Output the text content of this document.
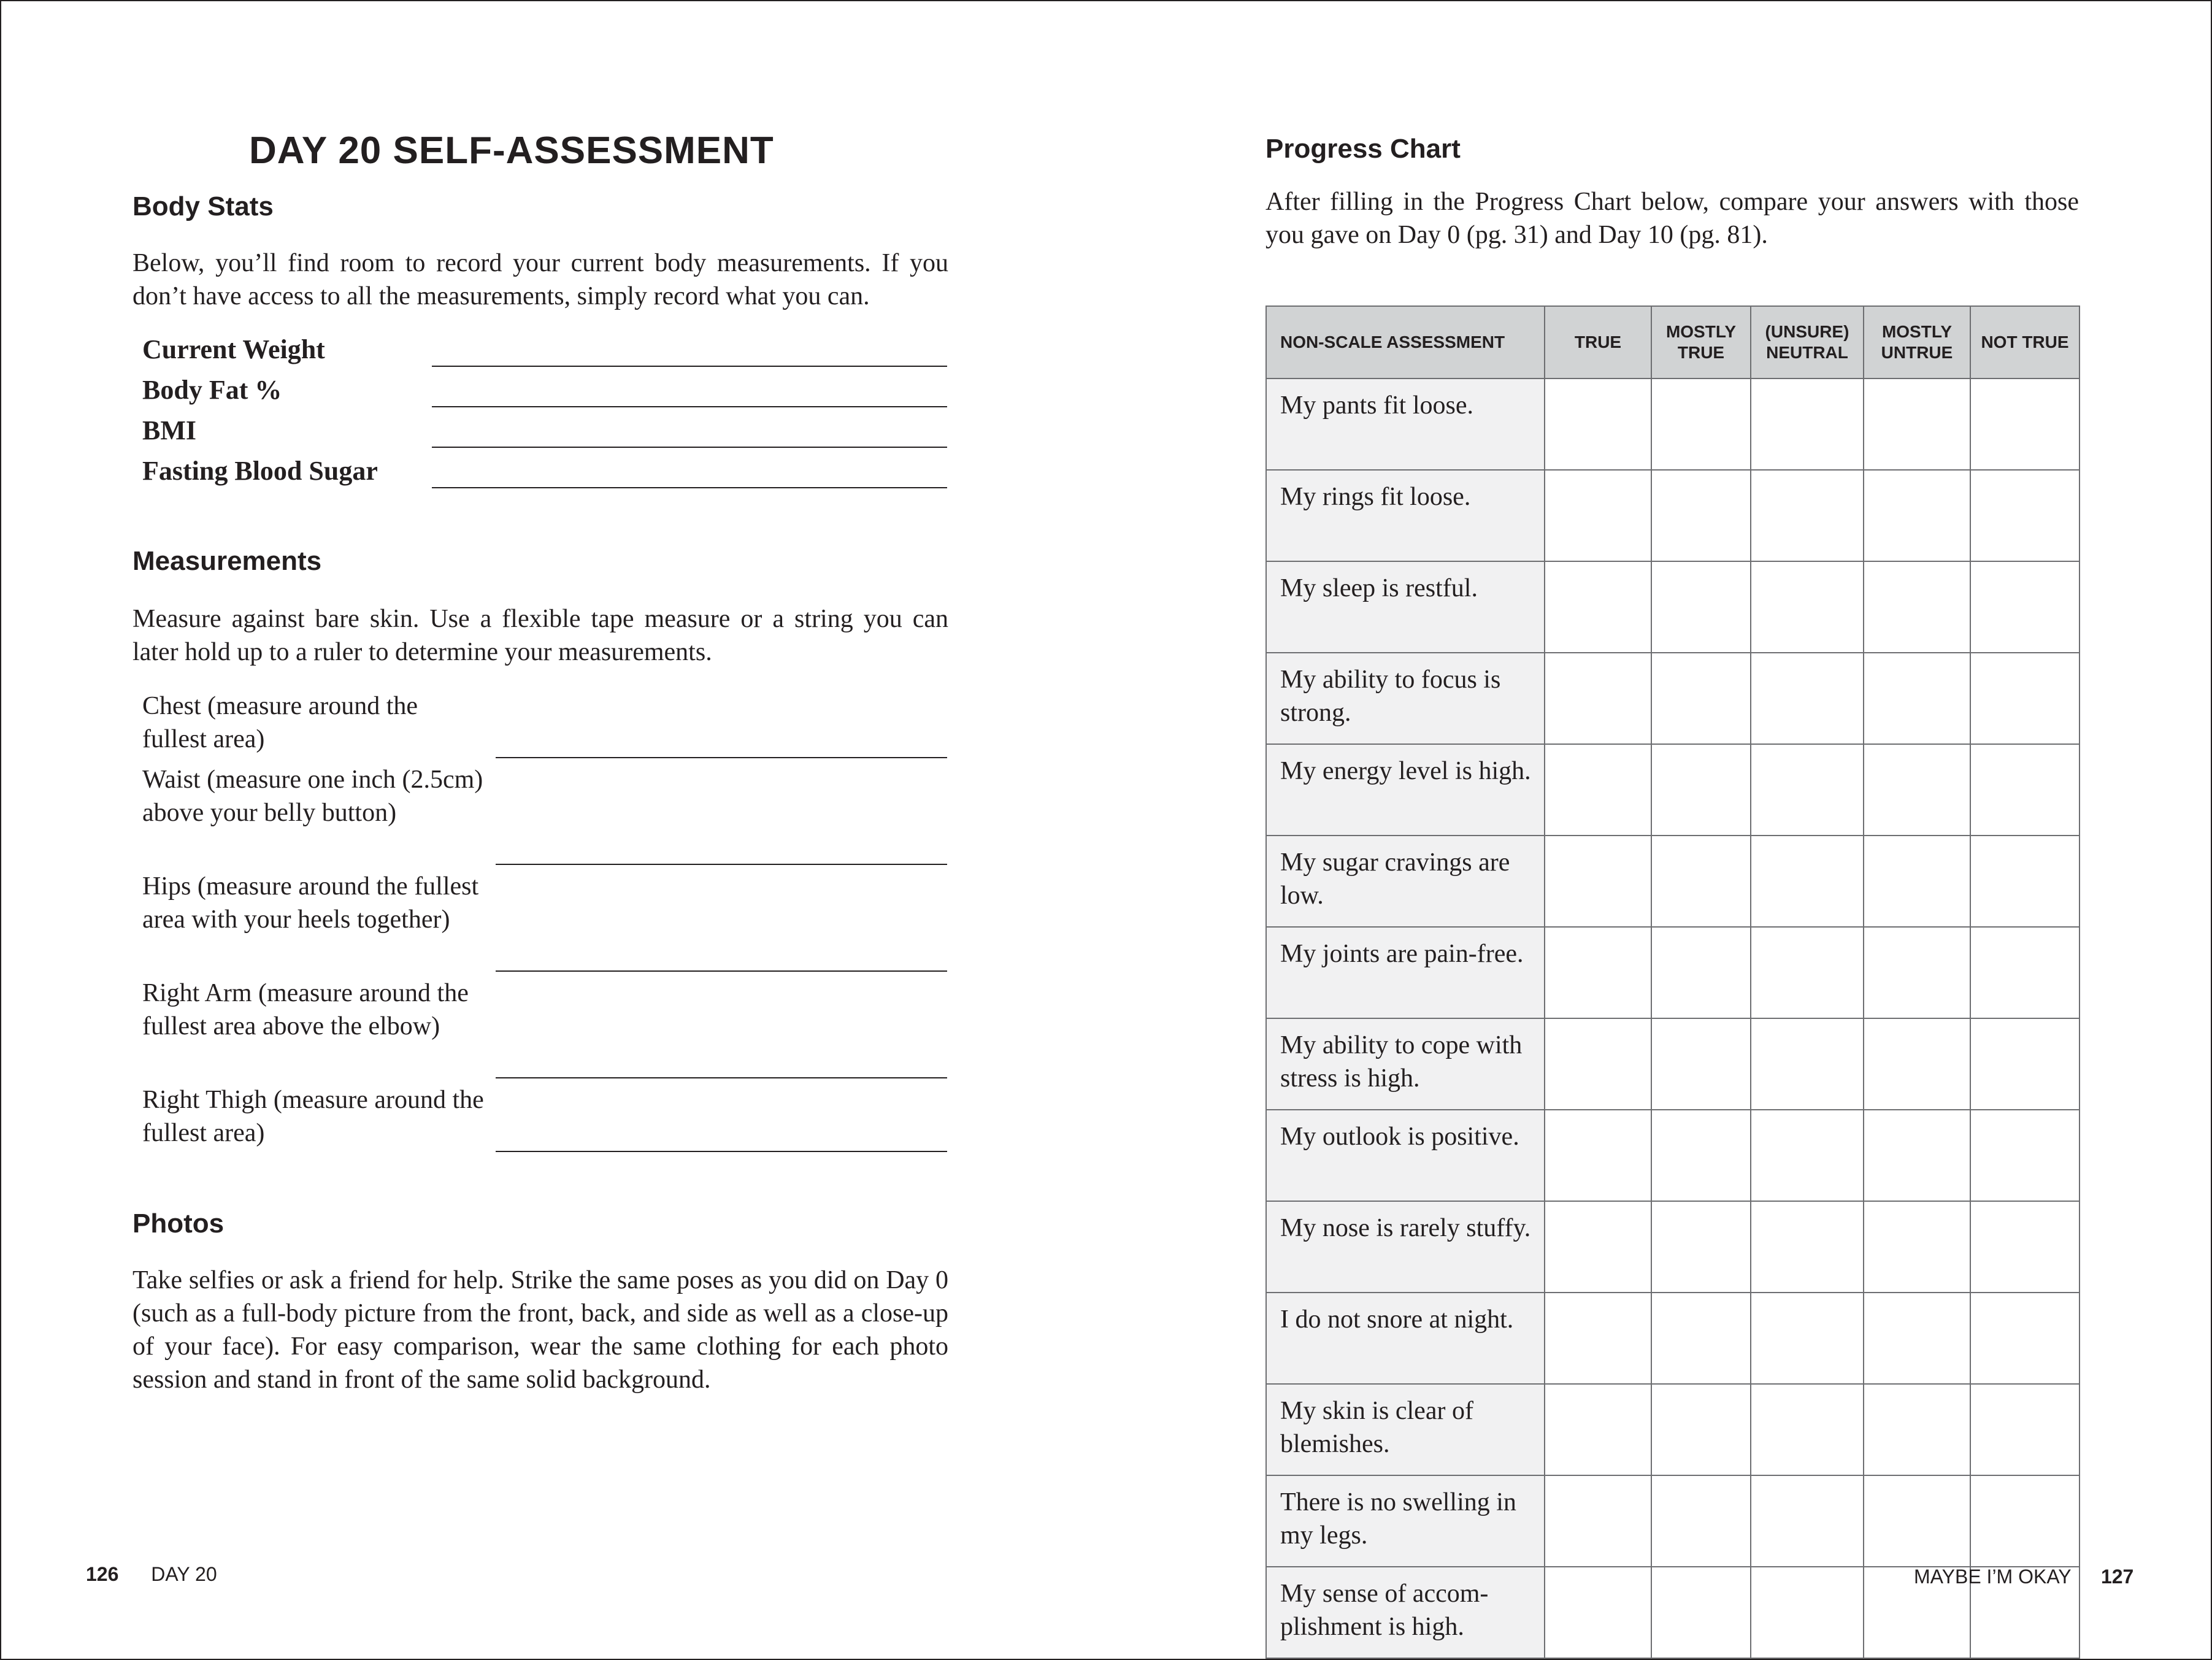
DAY 20 SELF-ASSESSMENT
Body Stats
Below, you’ll find room to record your current body measurements. If you don’t have access to all the measurements, simply record what you can.
Current Weight
Body Fat %
BMI
Fasting Blood Sugar
Measurements
Measure against bare skin. Use a flexible tape measure or a string you can later hold up to a ruler to determine your measurements.
Chest (measure around the fullest area)
Waist (measure one inch (2.5cm) above your belly button)
Hips (measure around the fullest area with your heels together)
Right Arm (measure around the fullest area above the elbow)
Right Thigh (measure around the fullest area)
Photos
Take selfies or ask a friend for help. Strike the same poses as you did on Day 0 (such as a full-body picture from the front, back, and side as well as a close-up of your face). For easy comparison, wear the same clothing for each photo session and stand in front of the same solid background.
126 DAY 20
Progress Chart
After filling in the Progress Chart below, compare your answers with those you gave on Day 0 (pg. 31) and Day 10 (pg. 81).
NON-SCALE ASSESSMENT	TRUE	MOSTLY TRUE	(UNSURE) NEUTRAL	MOSTLY UNTRUE	NOT TRUE
My pants fit loose.					
My rings fit loose.					
My sleep is restful.					
My ability to focus is strong.					
My energy level is high.					
My sugar cravings are low.					
My joints are pain-free.					
My ability to cope with stress is high.					
My outlook is positive.					
My nose is rarely stuffy.					
I do not snore at night.					
My skin is clear of blemishes.					
There is no swelling in my legs.					
My sense of accom-plishment is high.					
MAYBE I’M OKAY 127
